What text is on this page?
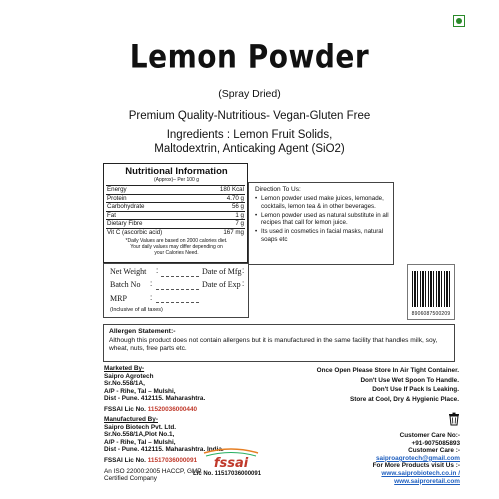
Lemon Powder
(Spray Dried)
Premium Quality-Nutritious- Vegan-Gluten Free
Ingredients : Lemon Fruit Solids,
Maltodextrin, Anticaking Agent (SiO2)
Nutritional Information
(Approx)– Per 100 g
Energy	180 Kcal
Protein	4.70 g
Carbohydrate	56 g
Fat	1 g
Dietary Fibre	7 g
Vit C (ascorbic acid)	167 mg
*Daily Values are based on 2000 calories diet.
Your daily values may differ depending on
your Calories Need.
Direction To Us:
• Lemon powder used make juices, lemonade, cocktails, lemon tea & in other beverages.
• Lemon powder used as natural substitute in all recipes that call for lemon juice.
• Its used in cosmetics in facial masks, natural soaps etc
Net Weight :	Date of Mfg :
Batch No :	Date of Exp :
MRP	:
(Inclusive of all taxes)
8906087500209
Allergen Statement:-
Although this product does not contain allergens but it is manufactured in the same facility that handles milk, soy, wheat, nuts, free parts etc.
Marketed By-
Saipro Agrotech
Sr.No.558/1A,
A/P - Rihe, Tal – Mulshi,
Dist - Pune. 412115. Maharashtra.
FSSAI Lic No. 11520036000440
Manufactured By-
Saipro Biotech Pvt. Ltd.
Sr.No.558/1A,Plot No.1,
A/P - Rihe, Tal – Mulshi,
Dist - Pune. 412115. Maharashtra. India.
FSSAI Lic No. 11517036000091
An ISO 22000:2005 HACCP, GMP
Certified Company
Once Open Please Store In Air Tight Container.
Don't Use Wet Spoon To Handle.
Don't Use If Pack Is Leaking.
Store at Cool, Dry & Hygienic Place.
Customer Care No:-
+91-9075085893
Customer Care :-
saiproagrotech@gmail.com
For More Products visit Us :-
www.saiprobiotech.co.in /
www.saiproretail.com
fssai
Lic No. 11517036000091
